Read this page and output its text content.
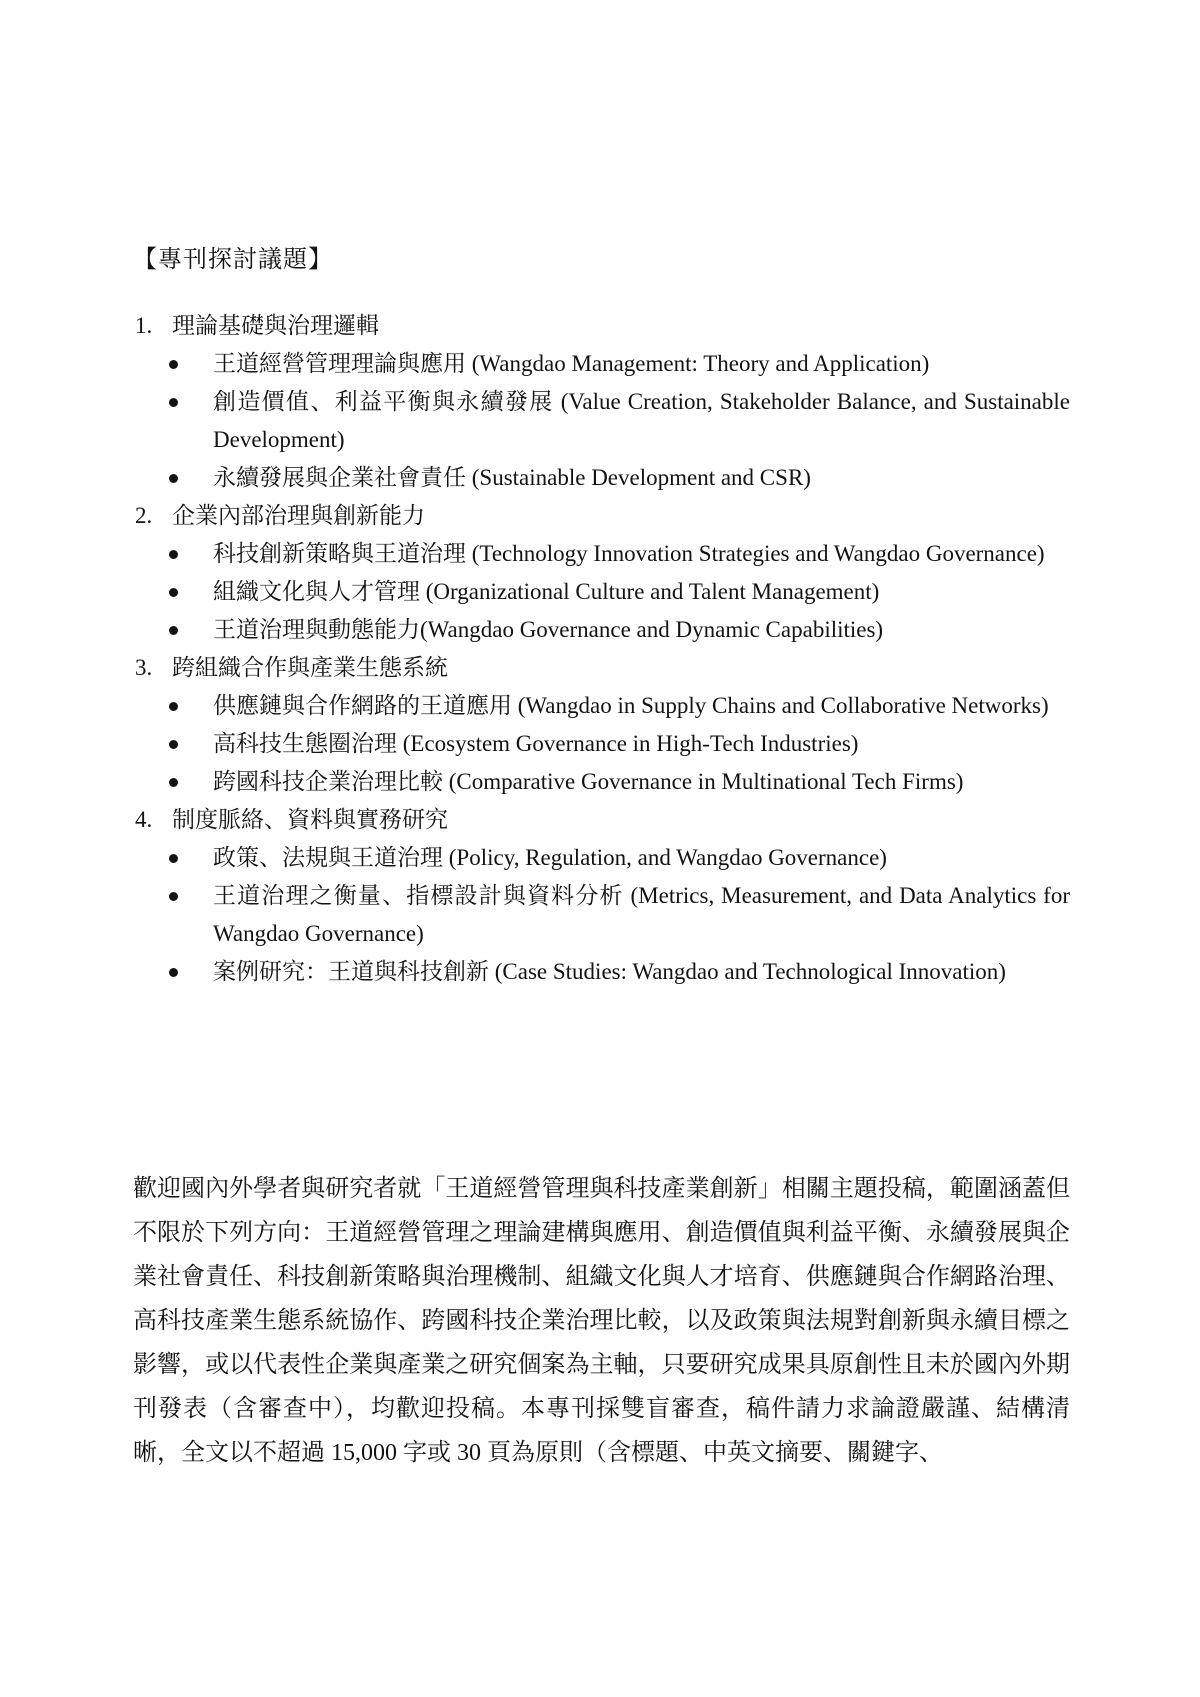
【專刊探討議題】
1. 理論基礎與治理邏輯
王道經營管理理論與應用 (Wangdao Management: Theory and Application)
創造價值、利益平衡與永續發展 (Value Creation, Stakeholder Balance, and Sustainable Development)
永續發展與企業社會責任 (Sustainable Development and CSR)
2. 企業內部治理與創新能力
科技創新策略與王道治理 (Technology Innovation Strategies and Wangdao Governance)
組織文化與人才管理 (Organizational Culture and Talent Management)
王道治理與動態能力(Wangdao Governance and Dynamic Capabilities)
3. 跨組織合作與產業生態系統
供應鏈與合作網路的王道應用 (Wangdao in Supply Chains and Collaborative Networks)
高科技生態圈治理 (Ecosystem Governance in High-Tech Industries)
跨國科技企業治理比較 (Comparative Governance in Multinational Tech Firms)
4. 制度脈絡、資料與實務研究
政策、法規與王道治理 (Policy, Regulation, and Wangdao Governance)
王道治理之衡量、指標設計與資料分析 (Metrics, Measurement, and Data Analytics for Wangdao Governance)
案例研究：王道與科技創新 (Case Studies: Wangdao and Technological Innovation)

歡迎國內外學者與研究者就「王道經營管理與科技產業創新」相關主題投稿，範圍涵蓋但不限於下列方向：王道經營管理之理論建構與應用、創造價值與利益平衡、永續發展與企業社會責任、科技創新策略與治理機制、組織文化與人才培育、供應鏈與合作網路治理、高科技產業生態系統協作、跨國科技企業治理比較，以及政策與法規對創新與永續目標之影響，或以代表性企業與產業之研究個案為主軸，只要研究成果具原創性且未於國內外期刊發表（含審查中），均歡迎投稿。本專刊採雙盲審查，稿件請力求論證嚴謹、結構清晰，全文以不超過 15,000 字或 30 頁為原則（含標題、中英文摘要、關鍵字、
